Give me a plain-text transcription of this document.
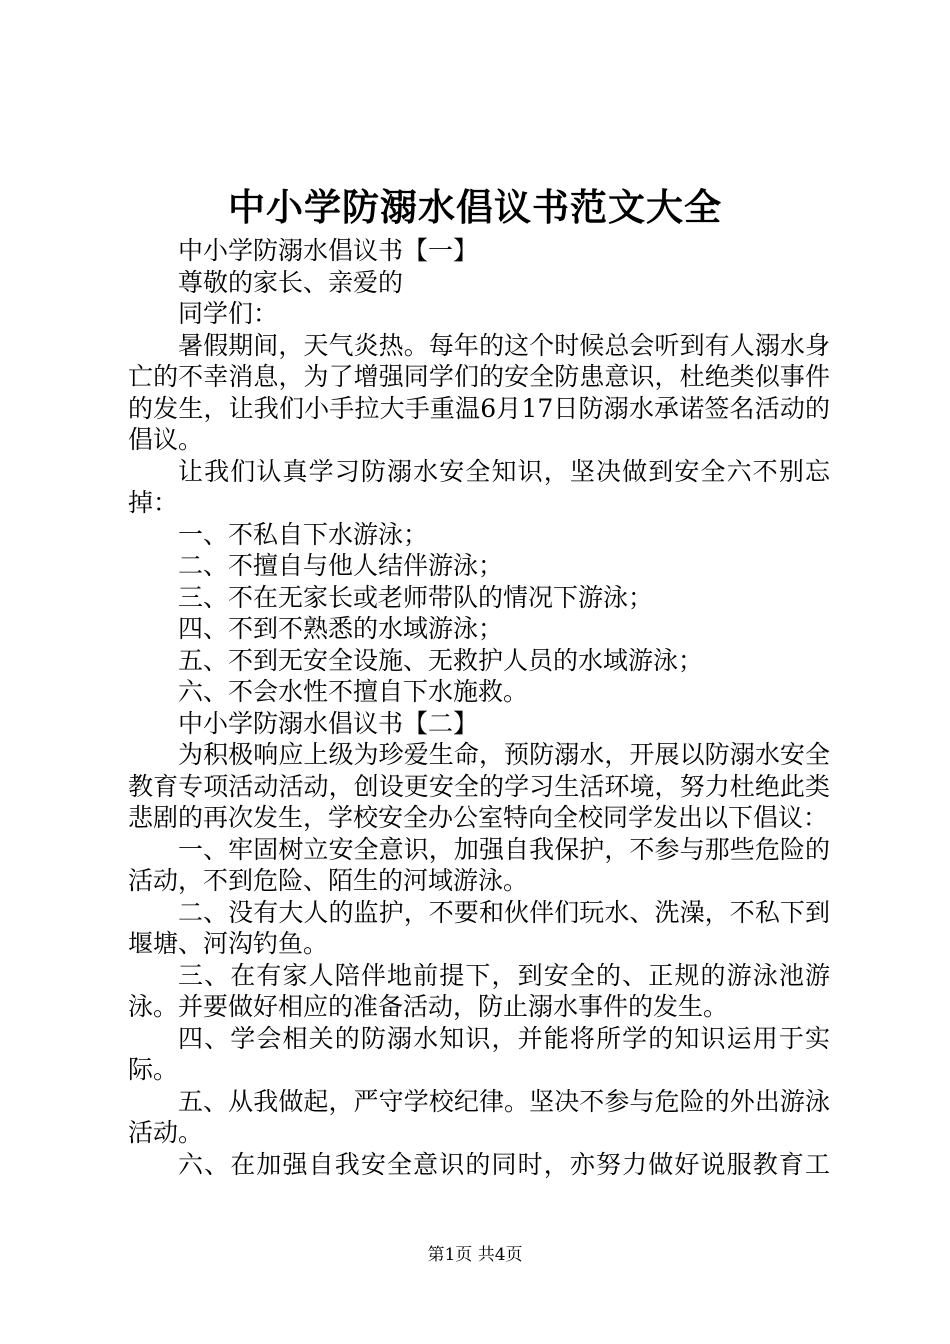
中小学防溺水倡议书范文大全

中小学防溺水倡议书【一】

尊敬的家长、亲爱的

同学们：

暑假期间，天气炎热。每年的这个时候总会听到有人溺水身亡的不幸消息，为了增强同学们的安全防患意识，杜绝类似事件的发生，让我们小手拉大手重温6月17日防溺水承诺签名活动的倡议。

让我们认真学习防溺水安全知识，坚决做到安全六不别忘掉：

一、不私自下水游泳；

二、不擅自与他人结伴游泳；

三、不在无家长或老师带队的情况下游泳；

四、不到不熟悉的水域游泳；

五、不到无安全设施、无救护人员的水域游泳；

六、不会水性不擅自下水施救。

中小学防溺水倡议书【二】

为积极响应上级为珍爱生命，预防溺水，开展以防溺水安全教育专项活动活动，创设更安全的学习生活环境，努力杜绝此类悲剧的再次发生，学校安全办公室特向全校同学发出以下倡议：

一、牢固树立安全意识，加强自我保护，不参与那些危险的活动，不到危险、陌生的河域游泳。

二、没有大人的监护，不要和伙伴们玩水、洗澡，不私下到堰塘、河沟钓鱼。

三、在有家人陪伴地前提下，到安全的、正规的游泳池游泳。并要做好相应的准备活动，防止溺水事件的发生。

四、学会相关的防溺水知识，并能将所学的知识运用于实际。

五、从我做起，严守学校纪律。坚决不参与危险的外出游泳活动。

六、在加强自我安全意识的同时，亦努力做好说服教育工

第1页 共4页
